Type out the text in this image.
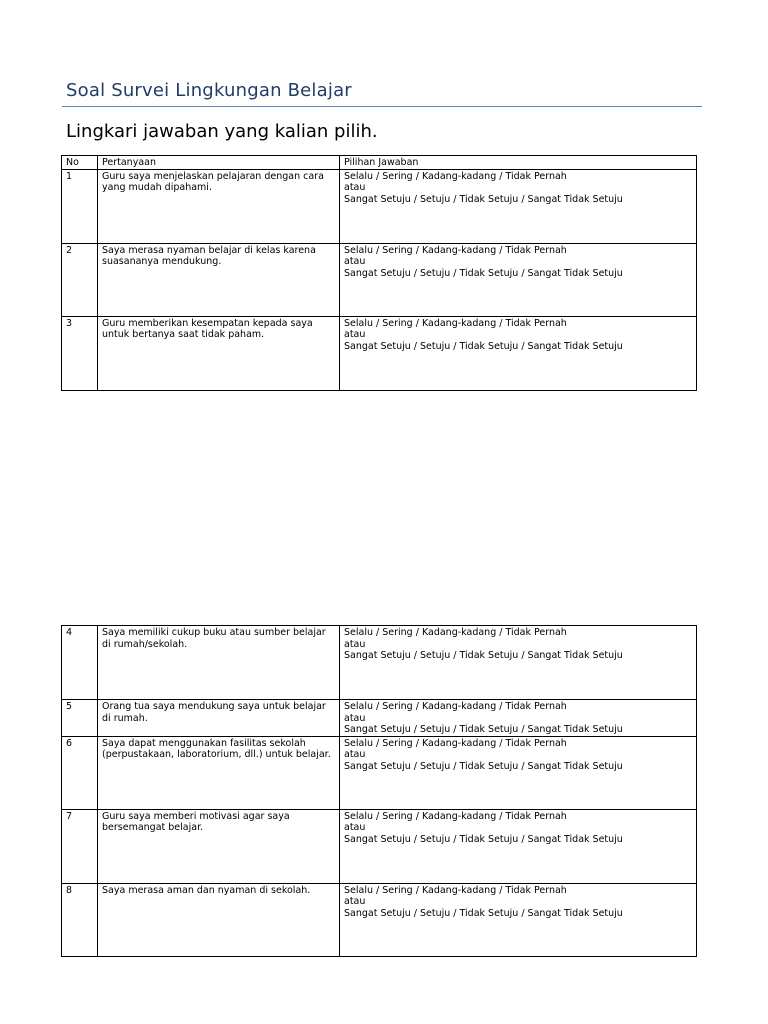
Soal Survei Lingkungan Belajar
Lingkari jawaban yang kalian pilih.
No	Pertanyaan	Pilihan Jawaban
1	Guru saya menjelaskan pelajaran dengan cara yang mudah dipahami.	Selalu / Sering / Kadang-kadang / Tidak Pernah
atau
Sangat Setuju / Setuju / Tidak Setuju / Sangat Tidak Setuju

2	Saya merasa nyaman belajar di kelas karena suasananya mendukung.	Selalu / Sering / Kadang-kadang / Tidak Pernah
atau
Sangat Setuju / Setuju / Tidak Setuju / Sangat Tidak Setuju

3	Guru memberikan kesempatan kepada saya untuk bertanya saat tidak paham.	Selalu / Sering / Kadang-kadang / Tidak Pernah
atau
Sangat Setuju / Setuju / Tidak Setuju / Sangat Tidak Setuju
4	Saya memiliki cukup buku atau sumber belajar di rumah/sekolah.	Selalu / Sering / Kadang-kadang / Tidak Pernah
atau
Sangat Setuju / Setuju / Tidak Setuju / Sangat Tidak Setuju

5	Orang tua saya mendukung saya untuk belajar di rumah.	Selalu / Sering / Kadang-kadang / Tidak Pernah
atau
Sangat Setuju / Setuju / Tidak Setuju / Sangat Tidak Setuju

6	Saya dapat menggunakan fasilitas sekolah (perpustakaan, laboratorium, dll.) untuk belajar.	Selalu / Sering / Kadang-kadang / Tidak Pernah
atau
Sangat Setuju / Setuju / Tidak Setuju / Sangat Tidak Setuju

7	Guru saya memberi motivasi agar saya bersemangat belajar.	Selalu / Sering / Kadang-kadang / Tidak Pernah
atau
Sangat Setuju / Setuju / Tidak Setuju / Sangat Tidak Setuju

8	Saya merasa aman dan nyaman di sekolah.	Selalu / Sering / Kadang-kadang / Tidak Pernah
atau
Sangat Setuju / Setuju / Tidak Setuju / Sangat Tidak Setuju
